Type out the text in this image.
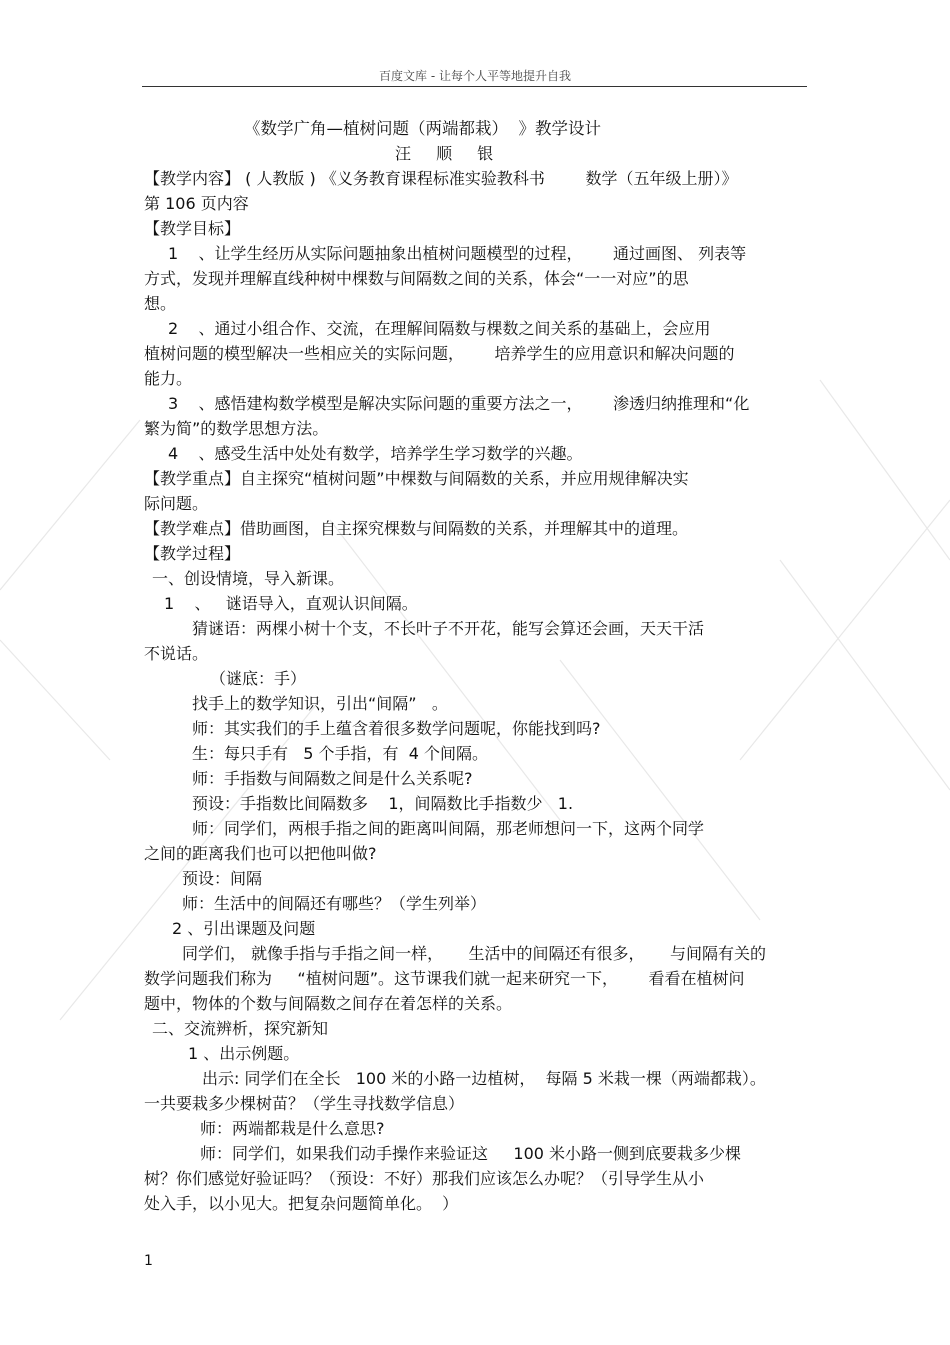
百度文库 - 让每个人平等地提升自我
《数学广角—植树问题（两端都栽）  》教学设计
汪 顺 银
【教学内容】 ( 人教版 ) 《义务教育课程标准实验教科书        数学（五年级上册）》
第 106 页内容
【教学目标】
1    、让学生经历从实际问题抽象出植树问题模型的过程，      通过画图、 列表等
方式，发现并理解直线种树中棵数与间隔数之间的关系，体会“一一对应”的思
想。
2    、通过小组合作、交流，在理解间隔数与棵数之间关系的基础上，会应用
植树问题的模型解决一些相应关的实际问题，      培养学生的应用意识和解决问题的
能力。
3    、感悟建构数学模型是解决实际问题的重要方法之一，      渗透归纳推理和“化
繁为简”的数学思想方法。
4    、感受生活中处处有数学，培养学生学习数学的兴趣。
【教学重点】自主探究“植树问题”中棵数与间隔数的关系，并应用规律解决实
际问题。
【教学难点】借助画图，自主探究棵数与间隔数的关系，并理解其中的道理。
【教学过程】
一、创设情境，导入新课。
1    、   谜语导入，直观认识间隔。
猜谜语：两棵小树十个支，不长叶子不开花，能写会算还会画，天天干活
不说话。
（谜底：手）
找手上的数学知识，引出“间隔”   。
师：其实我们的手上蕴含着很多数学问题呢，你能找到吗?
生：每只手有   5 个手指，有  4 个间隔。
师：手指数与间隔数之间是什么关系呢?
预设：手指数比间隔数多    1，间隔数比手指数少   1.
师：同学们，两根手指之间的距离叫间隔，那老师想问一下，这两个同学
之间的距离我们也可以把他叫做?
预设：间隔
师：生活中的间隔还有哪些？（学生列举）
2 、引出课题及问题
同学们， 就像手指与手指之间一样，     生活中的间隔还有很多，     与间隔有关的
数学问题我们称为     “植树问题”。这节课我们就一起来研究一下，      看看在植树问
题中，物体的个数与间隔数之间存在着怎样的关系。
二、交流辨析，探究新知
1 、出示例题。
出示: 同学们在全长   100 米的小路一边植树，  每隔 5 米栽一棵（两端都栽）。
一共要栽多少棵树苗？（学生寻找数学信息）
师：两端都栽是什么意思?
师：同学们，如果我们动手操作来验证这     100 米小路一侧到底要栽多少棵
树？你们感觉好验证吗？（预设：不好）那我们应该怎么办呢？（引导学生从小
处入手，以小见大。把复杂问题简单化。  ）
1
